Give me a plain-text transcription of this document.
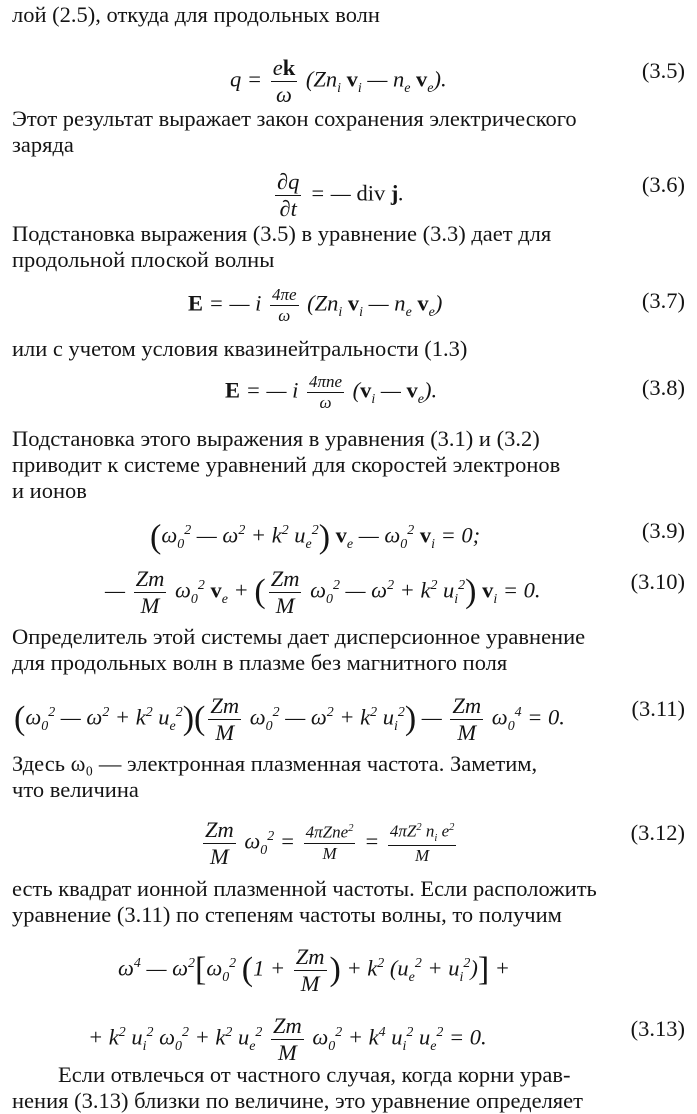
лой (2.5), откуда для продольных волн
$q = \frac{ek}{\omega} (Zn_i$ $v_i$ — $n_e$ $v_e$).	(3.5)
Этот результат выражает закон сохранения электрического
заряда
$\frac{\partial q}{\partial t}$ = — div j.	(3.6)
Подстановка выражения (3.5) в уравнение (3.3) дает для
продольной плоской волны
E = — i $\frac{4\pi e}{\omega} (Zn_i$ $v_i$ — $n_e$ $v_e$)	(3.7)
или с учетом условия квазинейтральности (1.3)
E = — i $\frac{\text{4πne}}{\omega} (v_i$ — $v_e$).	(3.8)
Подстановка этого выражения в уравнения (3.1) и (3.2)
приводит к системе уравнений для скоростей электронов
и ионов
($\omega_0^2$ — $\omega^2 + k^2$ $u_e^2$) $v_e$ — $\omega_0^2$ $v_i = 0$;	(3.9)
— $\frac{Zm}{M} \omega_0^2$ $v_e$ + ( $\frac{Zm}{M} \omega_0^2$ — $\omega^2 + k^2$ $u_i^2$) $v_i = 0$.	(3.10)
Определитель этой системы дает дисперсионное уравнение
для продольных волн в плазме без магнитного поля
($\omega_0^2$ — $\omega^2 + k^2$ $u_e^2)( \frac{Zm}{M} \omega_0^2$ — $\omega^2 + k^2$ $u_i^2$) — $\frac{Zm}{M} \omega_0^4 = 0$.	(3.11)
Здесь ω₀ — электронная плазменная частота. Заметим,
что величина
$\frac{Zm}{M} \omega_0^2 = \frac{4\pi Zne^2}{M} = \frac{4\pi Z^2 n_i e^2}{M}$	(3.12)
есть квадрат ионной плазменной частоты. Если расположить
уравнение (3.11) по степеням частоты волны, то получим
$\omega^4$ — $\omega^2[\omega_0^2$ ($1 + \frac{Zm}{M}$ ) + $k^2$ $(u_e^2 + u_i^2)$] +
+ $k^2$ $u_i^2$ $\omega_0^2 + k^2$ $u_e^2 \frac{Zm}{M} \omega_0^2 + k^4$ $u_i^2$ $u_e^2 = 0$.	(3.13)
Если отвлечься от частного случая, когда корни урав-
нения (3.13) близки по величине, это уравнение определяет
